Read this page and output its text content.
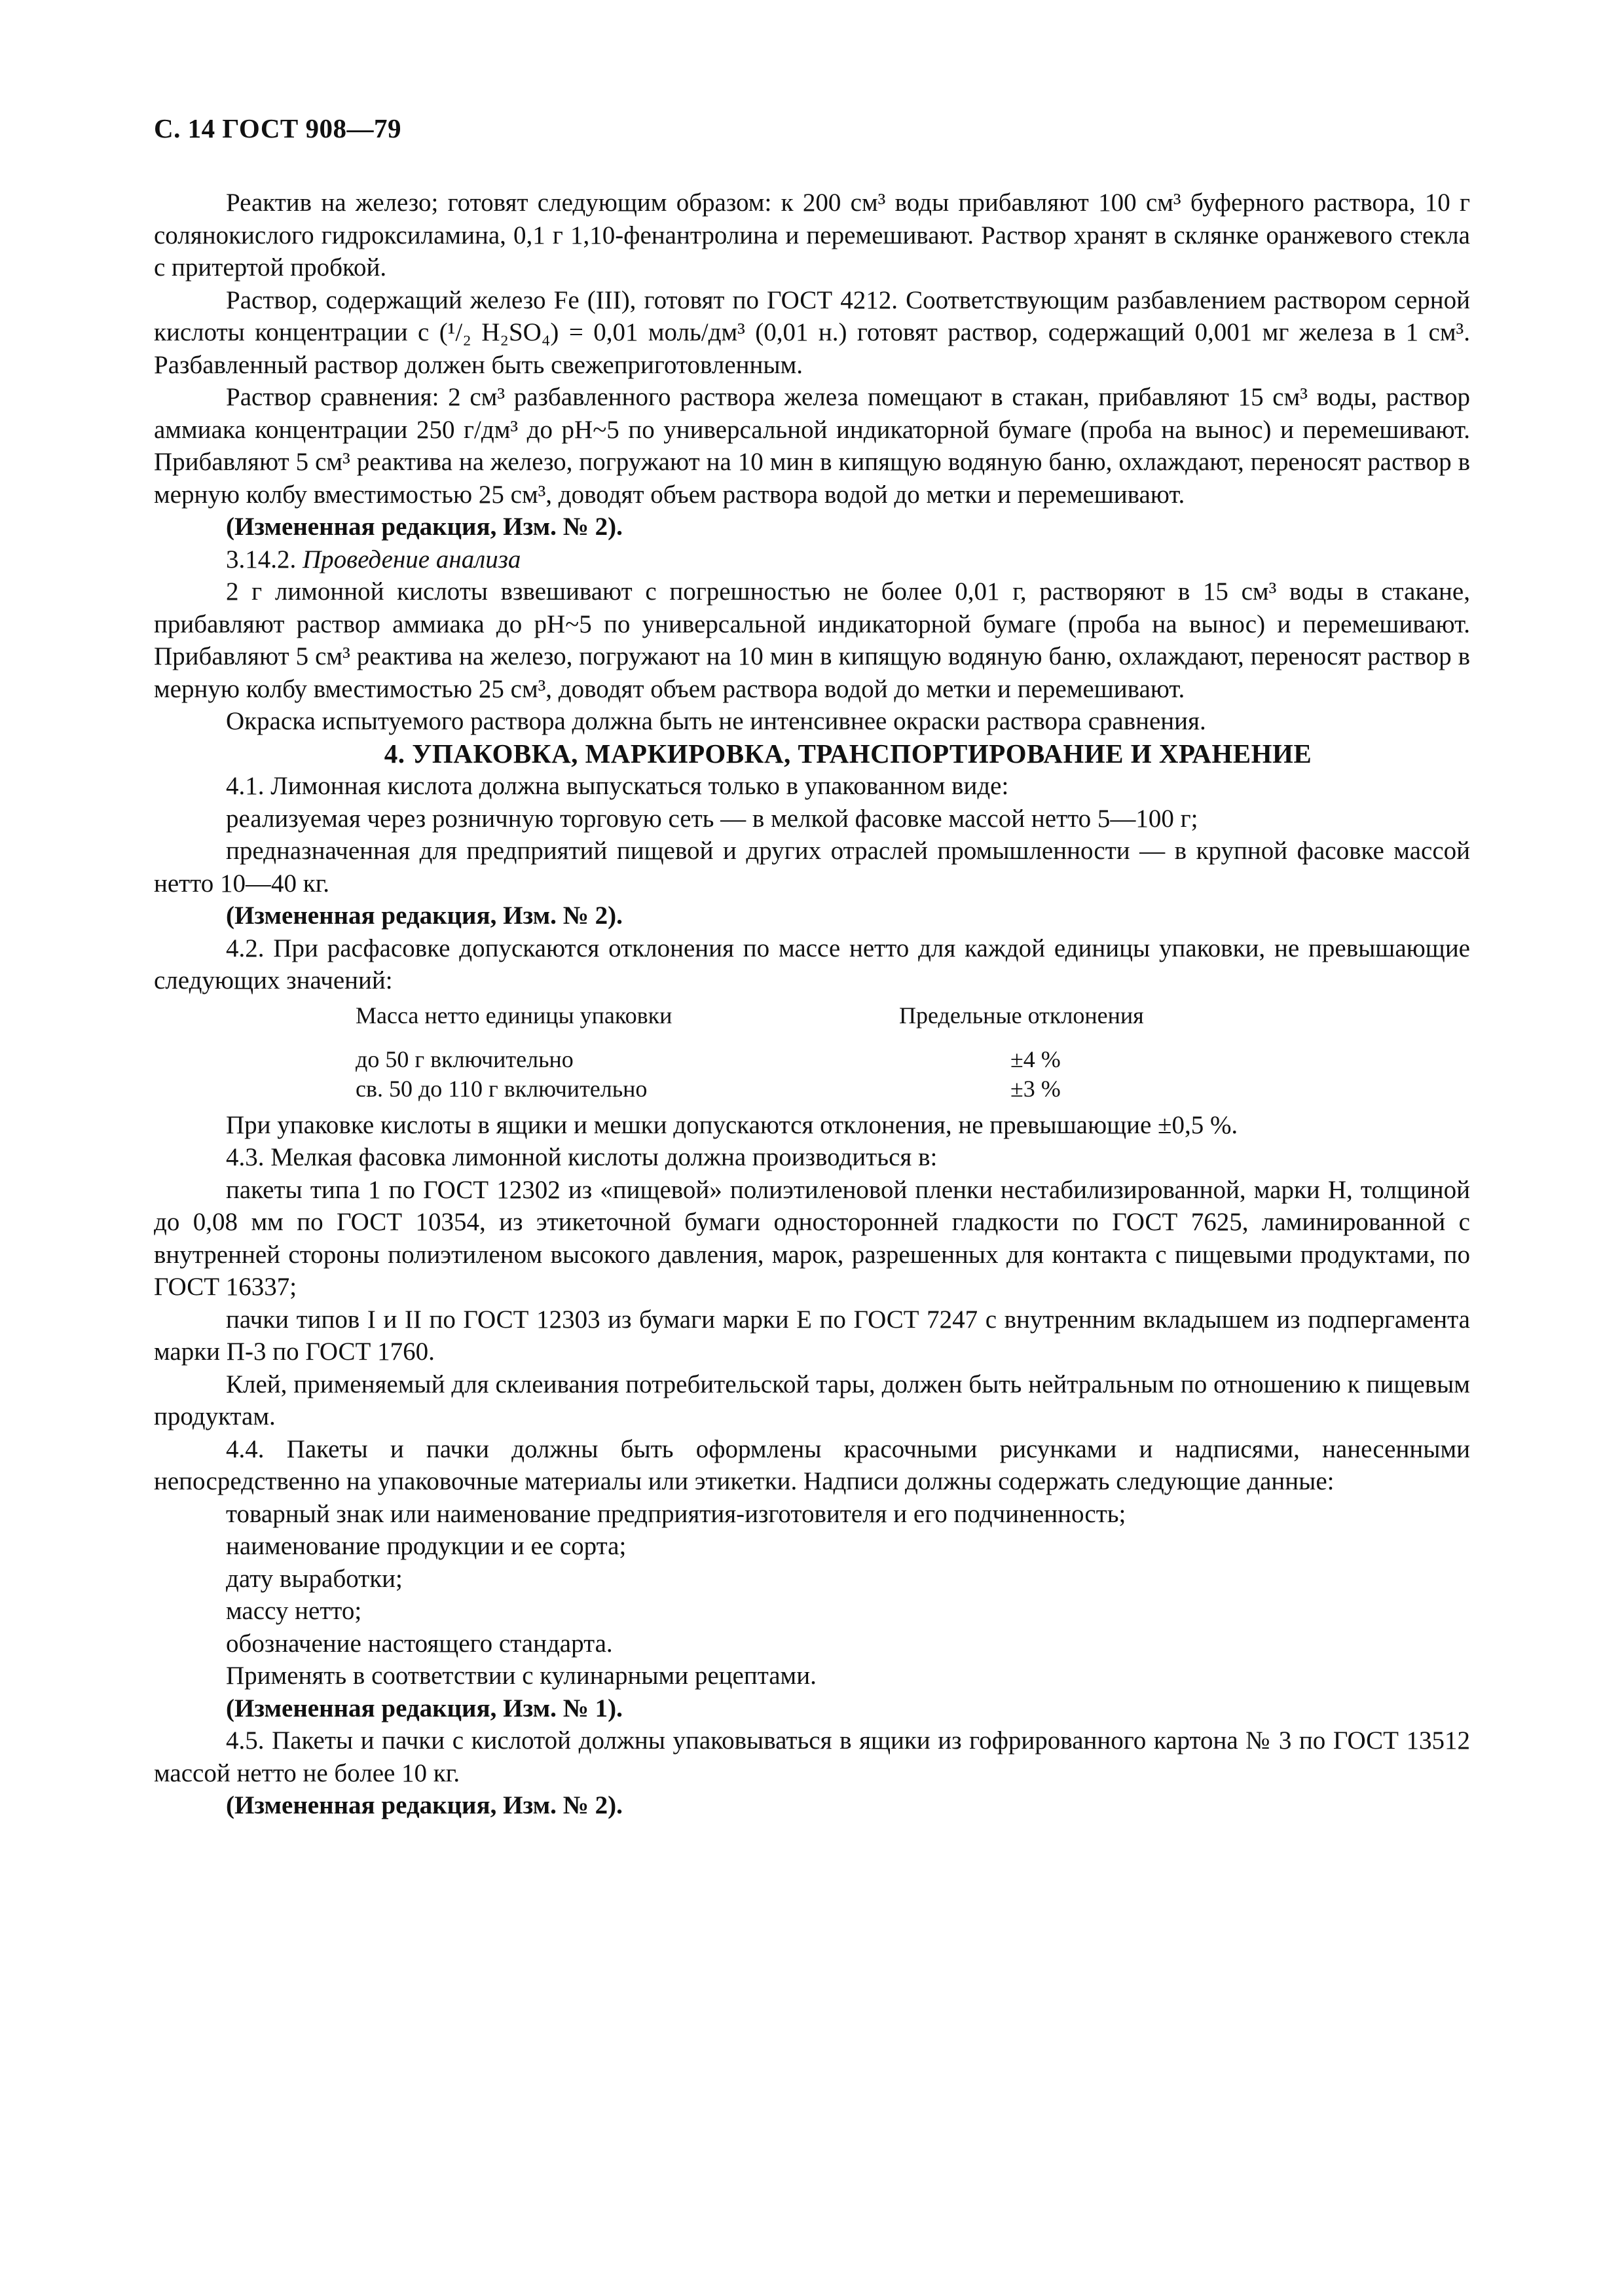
С. 14 ГОСТ 908—79

Реактив на железо; готовят следующим образом: к 200 см³ воды прибавляют 100 см³ буферного раствора, 10 г солянокислого гидроксиламина, 0,1 г 1,10-фенантролина и перемешивают. Раствор хранят в склянке оранжевого стекла с притертой пробкой.

Раствор, содержащий железо Fe (III), готовят по ГОСТ 4212. Соответствующим разбавлением раствором серной кислоты концентрации с (¹/₂ H₂SO₄) = 0,01 моль/дм³ (0,01 н.) готовят раствор, содержащий 0,001 мг железа в 1 см³. Разбавленный раствор должен быть свежеприготовленным.

Раствор сравнения: 2 см³ разбавленного раствора железа помещают в стакан, прибавляют 15 см³ воды, раствор аммиака концентрации 250 г/дм³ до pH~5 по универсальной индикаторной бумаге (проба на вынос) и перемешивают. Прибавляют 5 см³ реактива на железо, погружают на 10 мин в кипящую водяную баню, охлаждают, переносят раствор в мерную колбу вместимостью 25 см³, доводят объем раствора водой до метки и перемешивают.

(Измененная редакция, Изм. № 2).

3.14.2. Проведение анализа

2 г лимонной кислоты взвешивают с погрешностью не более 0,01 г, растворяют в 15 см³ воды в стакане, прибавляют раствор аммиака до pH~5 по универсальной индикаторной бумаге (проба на вынос) и перемешивают. Прибавляют 5 см³ реактива на железо, погружают на 10 мин в кипящую водяную баню, охлаждают, переносят раствор в мерную колбу вместимостью 25 см³, доводят объем раствора водой до метки и перемешивают.

Окраска испытуемого раствора должна быть не интенсивнее окраски раствора сравнения.

4. УПАКОВКА, МАРКИРОВКА, ТРАНСПОРТИРОВАНИЕ И ХРАНЕНИЕ

4.1. Лимонная кислота должна выпускаться только в упакованном виде:

реализуемая через розничную торговую сеть — в мелкой фасовке массой нетто 5—100 г;

предназначенная для предприятий пищевой и других отраслей промышленности — в крупной фасовке массой нетто 10—40 кг.

(Измененная редакция, Изм. № 2).

4.2. При расфасовке допускаются отклонения по массе нетто для каждой единицы упаковки, не превышающие следующих значений:

Масса нетто единицы упаковки	Предельные отклонения
до 50 г включительно	±4 %
св. 50 до 110 г включительно	±3 %

При упаковке кислоты в ящики и мешки допускаются отклонения, не превышающие ±0,5 %.

4.3. Мелкая фасовка лимонной кислоты должна производиться в:

пакеты типа 1 по ГОСТ 12302 из «пищевой» полиэтиленовой пленки нестабилизированной, марки Н, толщиной до 0,08 мм по ГОСТ 10354, из этикеточной бумаги односторонней гладкости по ГОСТ 7625, ламинированной с внутренней стороны полиэтиленом высокого давления, марок, разрешенных для контакта с пищевыми продуктами, по ГОСТ 16337;

пачки типов I и II по ГОСТ 12303 из бумаги марки Е по ГОСТ 7247 с внутренним вкладышем из подпергамента марки П-3 по ГОСТ 1760.

Клей, применяемый для склеивания потребительской тары, должен быть нейтральным по отношению к пищевым продуктам.

4.4. Пакеты и пачки должны быть оформлены красочными рисунками и надписями, нанесенными непосредственно на упаковочные материалы или этикетки. Надписи должны содержать следующие данные:

товарный знак или наименование предприятия-изготовителя и его подчиненность;

наименование продукции и ее сорта;

дату выработки;

массу нетто;

обозначение настоящего стандарта.

Применять в соответствии с кулинарными рецептами.

(Измененная редакция, Изм. № 1).

4.5. Пакеты и пачки с кислотой должны упаковываться в ящики из гофрированного картона № 3 по ГОСТ 13512 массой нетто не более 10 кг.

(Измененная редакция, Изм. № 2).
